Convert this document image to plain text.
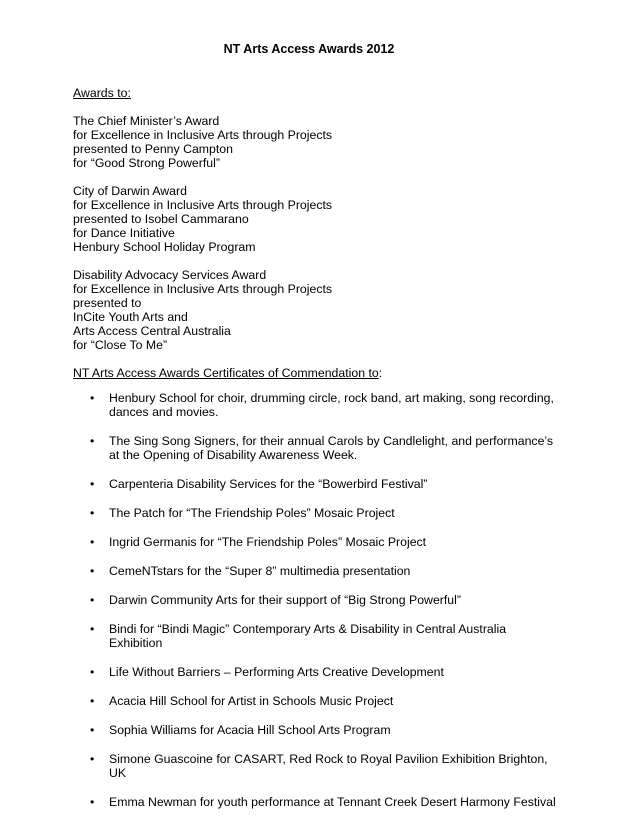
NT Arts Access Awards 2012
Awards to:
The Chief Minister’s Award
for Excellence in Inclusive Arts through Projects
presented to Penny Campton
for “Good Strong Powerful”
City of Darwin Award
for Excellence in Inclusive Arts through Projects
presented to Isobel Cammarano
for Dance Initiative
Henbury School Holiday Program
Disability Advocacy Services Award
for Excellence in Inclusive Arts through Projects
presented to
InCite Youth Arts and
Arts Access Central Australia
for “Close To Me”
NT Arts Access Awards Certificates of Commendation to:
• Henbury School for choir, drumming circle, rock band, art making, song recording, dances and movies.
• The Sing Song Signers, for their annual Carols by Candlelight, and performance’s at the Opening of Disability Awareness Week.
• Carpenteria Disability Services for the “Bowerbird Festival”
• The Patch for “The Friendship Poles” Mosaic Project
• Ingrid Germanis for “The Friendship Poles” Mosaic Project
• CemeNTstars for the “Super 8” multimedia presentation
• Darwin Community Arts for their support of “Big Strong Powerful”
• Bindi for “Bindi Magic” Contemporary Arts & Disability in Central Australia Exhibition
• Life Without Barriers – Performing Arts Creative Development
• Acacia Hill School for Artist in Schools Music Project
• Sophia Williams for Acacia Hill School Arts Program
• Simone Guascoine for CASART, Red Rock to Royal Pavilion Exhibition Brighton, UK
• Emma Newman for youth performance at Tennant Creek Desert Harmony Festival
